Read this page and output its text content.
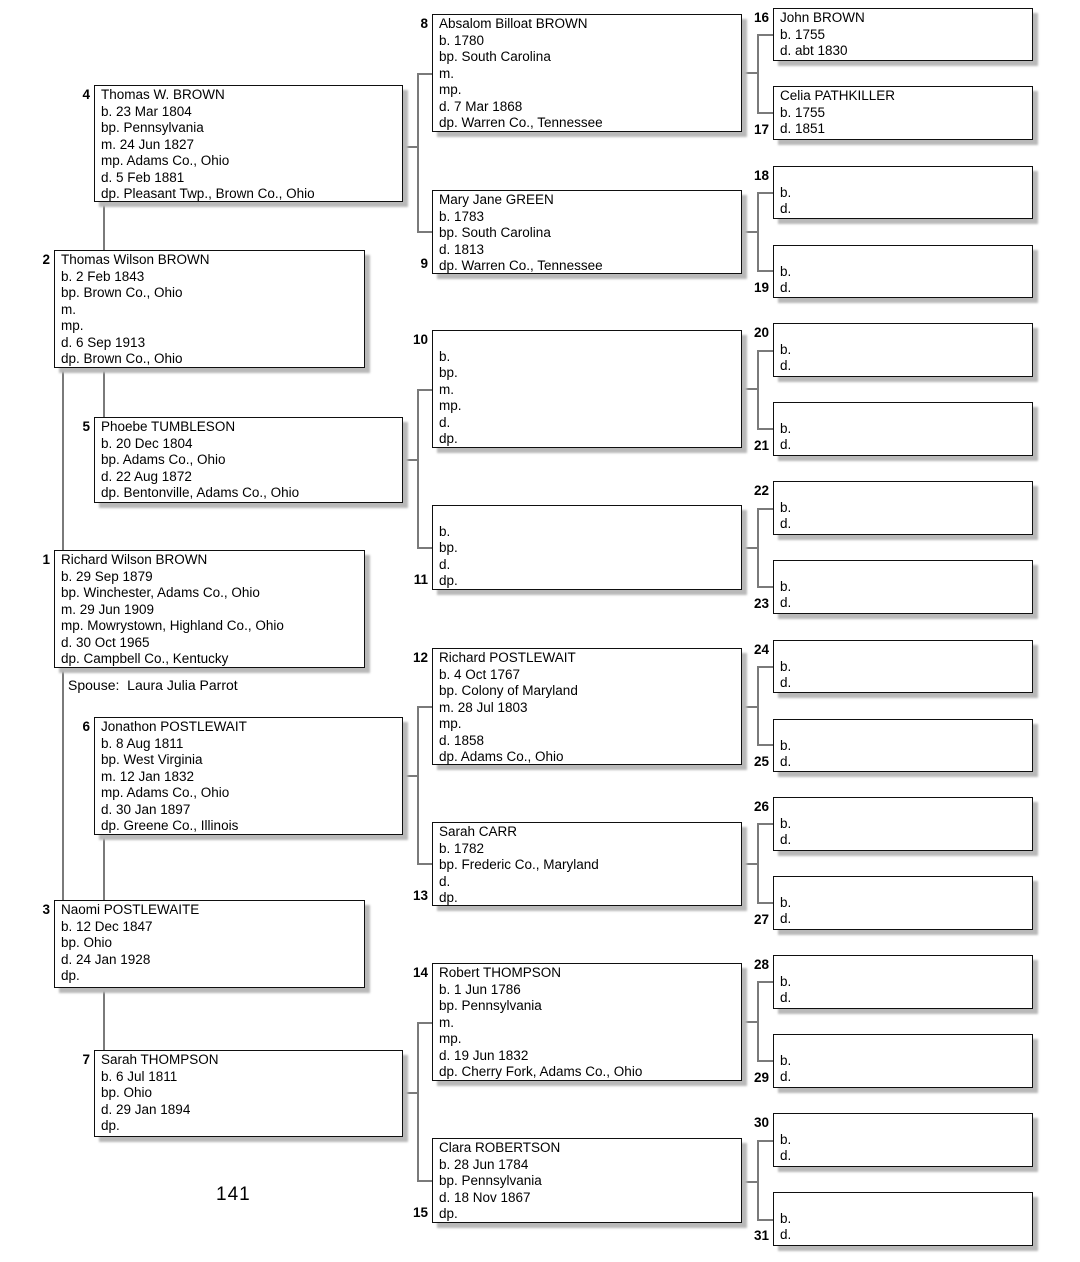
Spouse:  Laura Julia Parrot
141
1 Richard Wilson BROWN
b. 29 Sep 1879
bp. Winchester, Adams Co., Ohio
m. 29 Jun 1909
mp. Mowrystown, Highland Co., Ohio
d. 30 Oct 1965
dp. Campbell Co., Kentucky
2 Thomas Wilson BROWN
b. 2 Feb 1843
bp. Brown Co., Ohio
m.
mp.
d. 6 Sep 1913
dp. Brown Co., Ohio
3 Naomi POSTLEWAITE
b. 12 Dec 1847
bp. Ohio
d. 24 Jan 1928
dp.
4 Thomas W. BROWN
b. 23 Mar 1804
bp. Pennsylvania
m. 24 Jun 1827
mp. Adams Co., Ohio
d. 5 Feb 1881
dp. Pleasant Twp., Brown Co., Ohio
5 Phoebe TUMBLESON
b. 20 Dec 1804
bp. Adams Co., Ohio
d. 22 Aug 1872
dp. Bentonville, Adams Co., Ohio
6 Jonathon POSTLEWAIT
b. 8 Aug 1811
bp. West Virginia
m. 12 Jan 1832
mp. Adams Co., Ohio
d. 30 Jan 1897
dp. Greene Co., Illinois
7 Sarah THOMPSON
b. 6 Jul 1811
bp. Ohio
d. 29 Jan 1894
dp.
8 Absalom Billoat BROWN
b. 1780
bp. South Carolina
m.
mp.
d. 7 Mar 1868
dp. Warren Co., Tennessee
9
Mary Jane GREEN
b. 1783
bp. South Carolina
d. 1813
dp. Warren Co., Tennessee
10
b.
bp.
m.
mp.
d.
dp.
11
b.
bp.
d.
dp.
12 Richard POSTLEWAIT
b. 4 Oct 1767
bp. Colony of Maryland
m. 28 Jul 1803
mp.
d. 1858
dp. Adams Co., Ohio
13
Sarah CARR
b. 1782
bp. Frederic Co., Maryland
d.
dp.
14 Robert THOMPSON
b. 1 Jun 1786
bp. Pennsylvania
m.
mp.
d. 19 Jun 1832
dp. Cherry Fork, Adams Co., Ohio
15
Clara ROBERTSON
b. 28 Jun 1784
bp. Pennsylvania
d. 18 Nov 1867
dp.
16 John BROWN
b. 1755
d. abt 1830
17
Celia PATHKILLER
b. 1755
d. 1851
18
b.
d.
19
b.
d.
20
b.
d.
21
b.
d.
22
b.
d.
23
b.
d.
24
b.
d.
25
b.
d.
26
b.
d.
27
b.
d.
28
b.
d.
29
b.
d.
30
b.
d.
31
b.
d.
